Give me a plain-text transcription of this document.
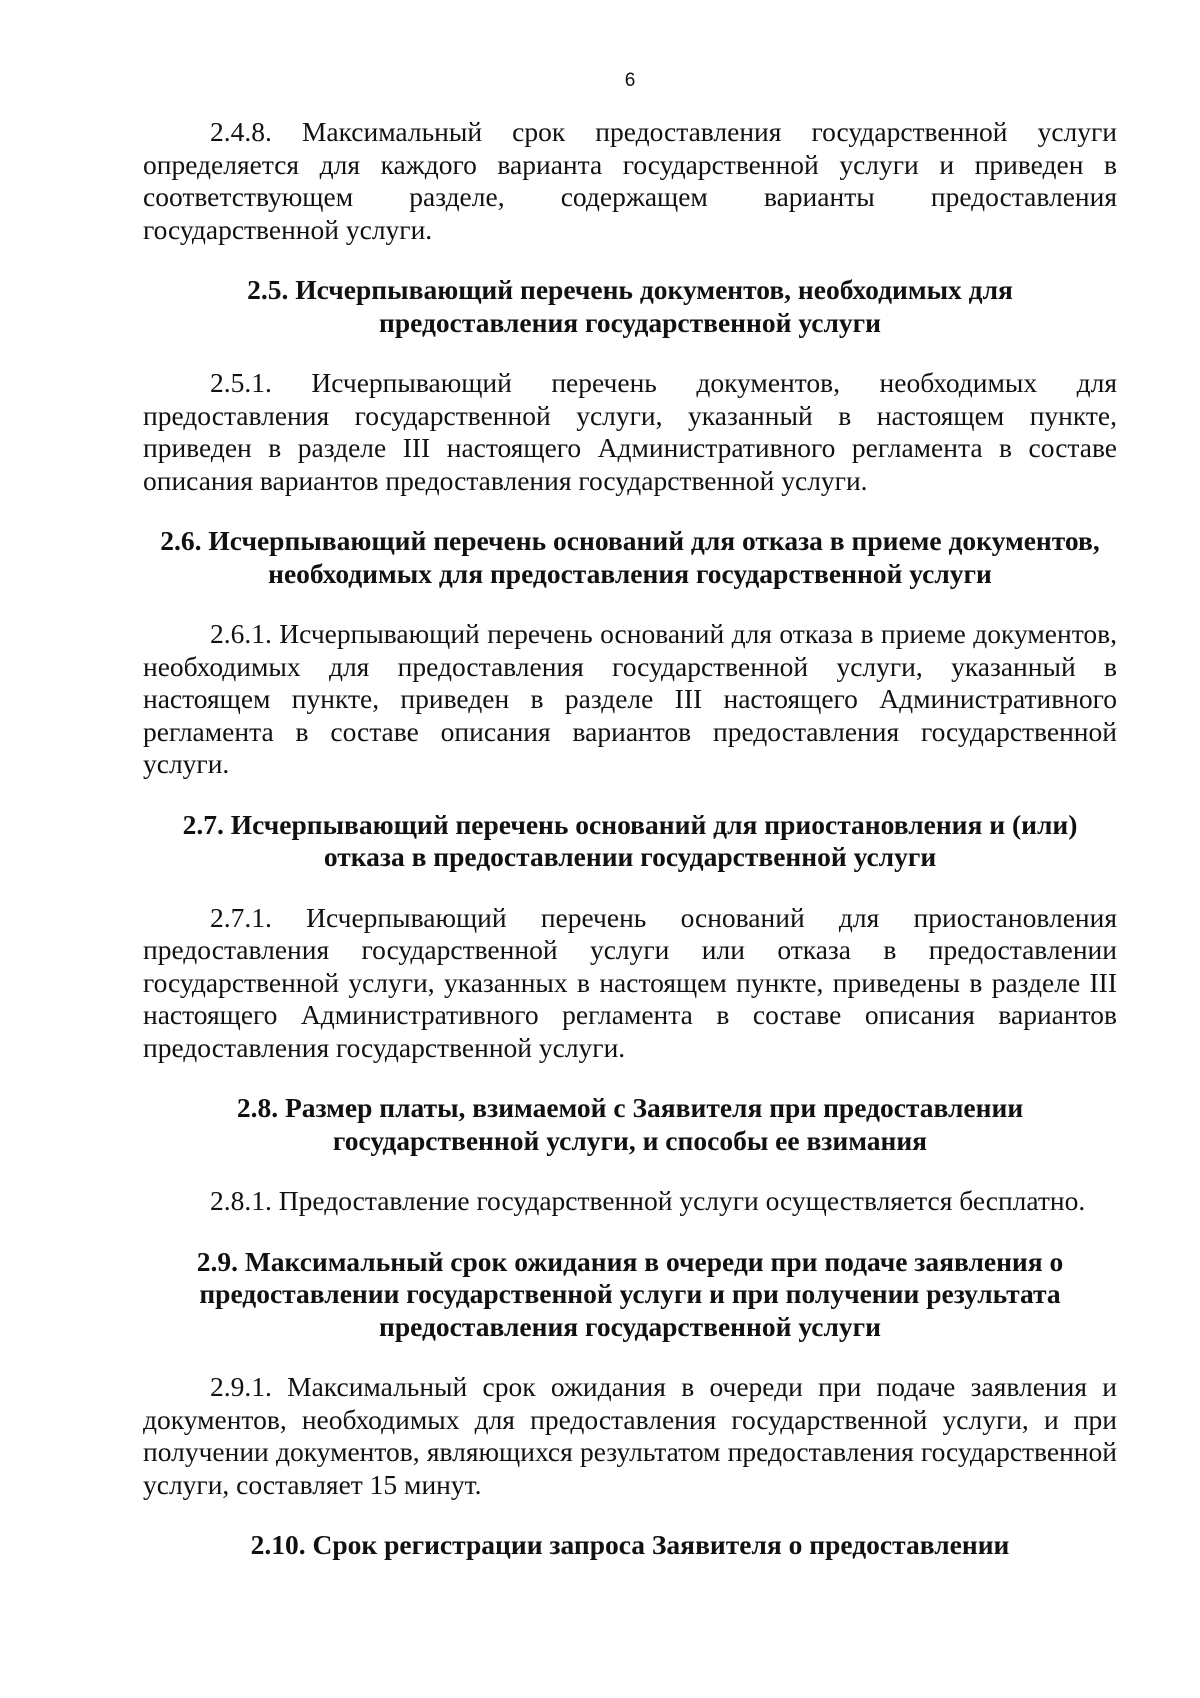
6

2.4.8. Максимальный срок предоставления государственной услуги определяется для каждого варианта государственной услуги и приведен в соответствующем разделе, содержащем варианты предоставления государственной услуги.

2.5. Исчерпывающий перечень документов, необходимых для
предоставления государственной услуги

2.5.1. Исчерпывающий перечень документов, необходимых для предоставления государственной услуги, указанный в настоящем пункте, приведен в разделе III настоящего Административного регламента в составе описания вариантов предоставления государственной услуги.

2.6. Исчерпывающий перечень оснований для отказа в приеме документов,
необходимых для предоставления государственной услуги

2.6.1. Исчерпывающий перечень оснований для отказа в приеме документов, необходимых для предоставления государственной услуги, указанный в настоящем пункте, приведен в разделе III настоящего Административного регламента в составе описания вариантов предоставления государственной услуги.

2.7. Исчерпывающий перечень оснований для приостановления и (или)
отказа в предоставлении государственной услуги

2.7.1. Исчерпывающий перечень оснований для приостановления предоставления государственной услуги или отказа в предоставлении государственной услуги, указанных в настоящем пункте, приведены в разделе III настоящего Административного регламента в составе описания вариантов предоставления государственной услуги.

2.8. Размер платы, взимаемой с Заявителя при предоставлении
государственной услуги, и способы ее взимания

2.8.1. Предоставление государственной услуги осуществляется бесплатно.

2.9. Максимальный срок ожидания в очереди при подаче заявления о
предоставлении государственной услуги и при получении результата
предоставления государственной услуги

2.9.1. Максимальный срок ожидания в очереди при подаче заявления и документов, необходимых для предоставления государственной услуги, и при получении документов, являющихся результатом предоставления государственной услуги, составляет 15 минут.

2.10. Срок регистрации запроса Заявителя о предоставлении
